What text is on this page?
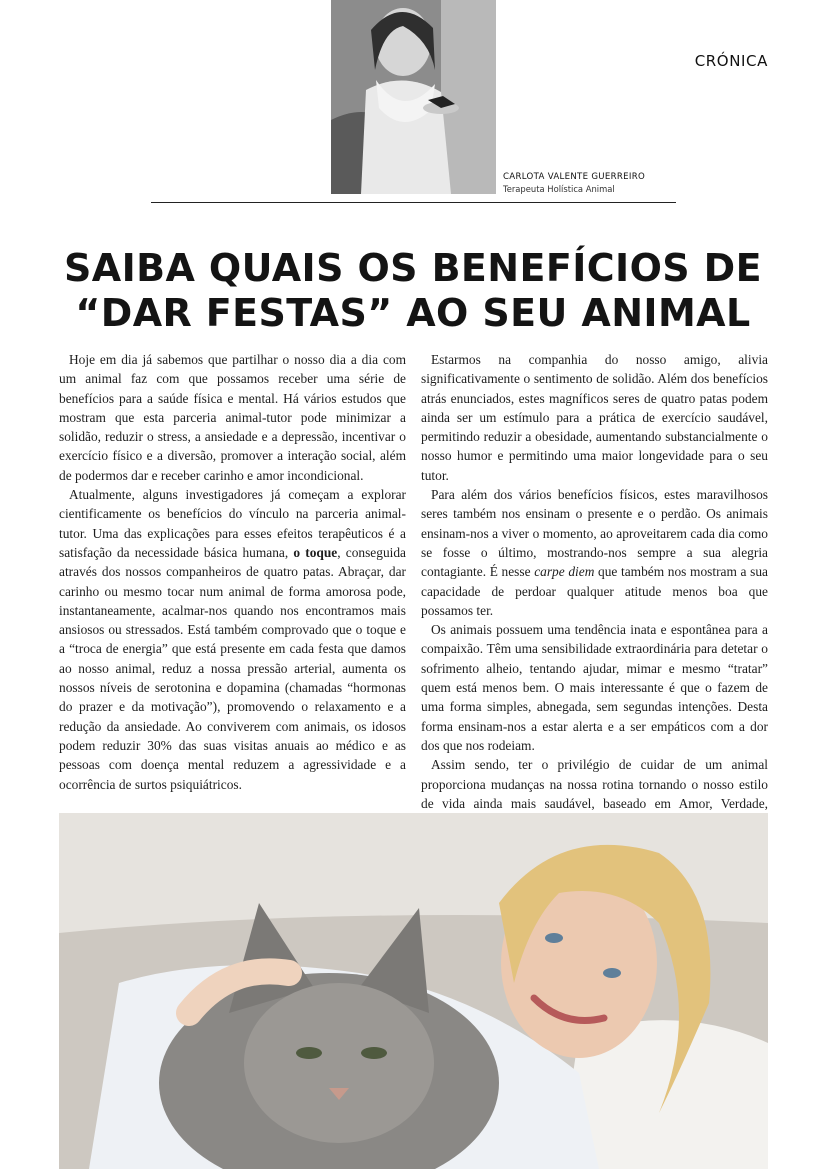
CRÓNICA
CARLOTA VALENTE GUERREIRO
Terapeuta Holística Animal
SAIBA QUAIS OS BENEFÍCIOS DE
“DAR FESTAS” AO SEU ANIMAL

Hoje em dia já sabemos que partilhar o nosso dia a dia com um animal faz com que possamos receber uma série de benefícios para a saúde física e mental. Há vários estudos que mostram que esta parceria animal-tutor pode minimizar a solidão, reduzir o stress, a ansiedade e a depressão, incentivar o exercício físico e a diversão, promover a interação social, além de podermos dar e receber carinho e amor incondicional.

Atualmente, alguns investigadores já começam a explorar cientificamente os benefícios do vínculo na parceria animal-tutor. Uma das explicações para esses efeitos terapêuticos é a satisfação da necessidade básica humana, o toque, conseguida através dos nossos companheiros de quatro patas. Abraçar, dar carinho ou mesmo tocar num animal de forma amorosa pode, instantaneamente, acalmar-nos quando nos encontramos mais ansiosos ou stressados. Está também comprovado que o toque e a “troca de energia” que está presente em cada festa que damos ao nosso animal, reduz a nossa pressão arterial, aumenta os nossos níveis de serotonina e dopamina (chamadas “hormonas do prazer e da motivação”), promovendo o relaxamento e a redução da ansiedade. Ao conviverem com animais, os idosos podem reduzir 30% das suas visitas anuais ao médico e as pessoas com doença mental reduzem a agressividade e a ocorrência de surtos psiquiátricos.

Estarmos na companhia do nosso amigo, alivia significativamente o sentimento de solidão. Além dos benefícios atrás enunciados, estes magníficos seres de quatro patas podem ainda ser um estímulo para a prática de exercício saudável, permitindo reduzir a obesidade, aumentando substancialmente o nosso humor e permitindo uma maior longevidade para o seu tutor.

Para além dos vários benefícios físicos, estes maravilhosos seres também nos ensinam o presente e o perdão. Os animais ensinam-nos a viver o momento, ao aproveitarem cada dia como se fosse o último, mostrando-nos sempre a sua alegria contagiante. É nesse carpe diem que também nos mostram a sua capacidade de perdoar qualquer atitude menos boa que possamos ter.

Os animais possuem uma tendência inata e espontânea para a compaixão. Têm uma sensibilidade extraordinária para detetar o sofrimento alheio, tentando ajudar, mimar e mesmo “tratar” quem está menos bem. O mais interessante é que o fazem de uma forma simples, abnegada, sem segundas intenções. Desta forma ensinam-nos a estar alerta e a ser empáticos com a dor dos que nos rodeiam.

Assim sendo, ter o privilégio de cuidar de um animal proporciona mudanças na nossa rotina tornando o nosso estilo de vida ainda mais saudável, baseado em Amor, Verdade,
